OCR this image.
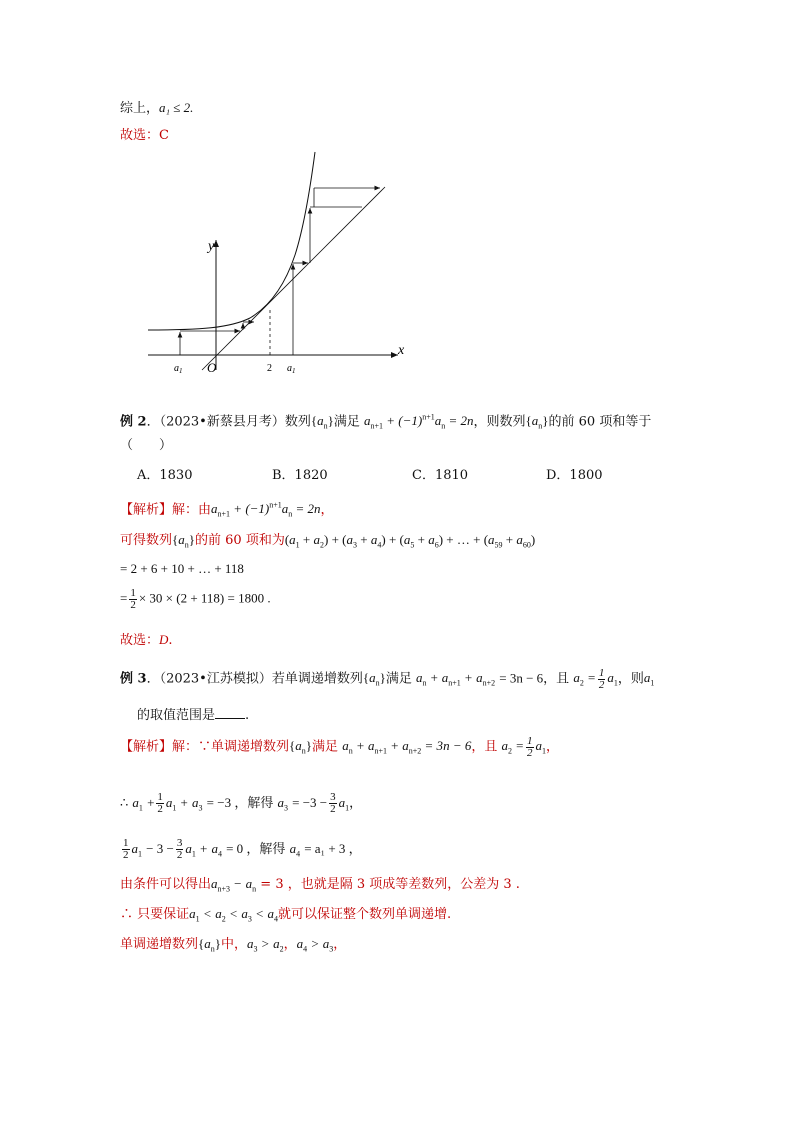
综上，a₁ ≤ 2.
故选：C
x
y
O
$a_1$	2 $a_1$
例 2．（2023•新蔡县月考）数列$\{a_n\}$满足 $a_{n+1} + (-1)^{n+1}a_n = 2n$，则数列$\{a_n\}$的前 60 项和等于
（　　）
A．1830	B．1820	C．1810	D．1800
【解析】解：由$a_{n+1} + (-1)^{n+1}a_n = 2n$，
可得数列$\{a_n\}$的前 60 项和为$(a_1 + a_2) + (a_3 + a_4) + (a_5 + a_6)$ + … + $(a_{59} + a_{60})$
= 2 + 6 + 10 + … + 118
= $\frac{1}{2} \times 30 \times (2 + 118) = 1800$ .
故选：D.
例 3．（2023•江苏模拟）若单调递增数列$\{a_n\}$满足 $a_n + a_{n+1} + a_{n+2} = 3n - 6$，且 $a_2 = \frac{1}{2} a_1$，则$a_1$
的取值范围是 .
【解析】解：∵单调递增数列$\{a_n\}$满足 $a_n + a_{n+1} + a_{n+2} = 3n - 6$，且 $a_2 = \frac{1}{2} a_1$，
∴ $a_1 + \frac{1}{2} a_1 + a_3 = -3$ ，解得 $a_3 = -3 - \frac{3}{2} a_1$，
$\frac{1}{2} a_1 - 3 - \frac{3}{2} a_1 + a_4 = 0$ ，解得 $a_4 = a_1 + 3$ ，
由条件可以得出$a_{n+3} - a_n = 3$ ，也就是隔 3 项成等差数列，公差为 3 .
∴ 只要保证$a_1 < a_2 < a_3 < a_4$就可以保证整个数列单调递增.
单调递增数列$\{a_n\}$中，$a_3 > a_2$，$a_4 > a_3$，
